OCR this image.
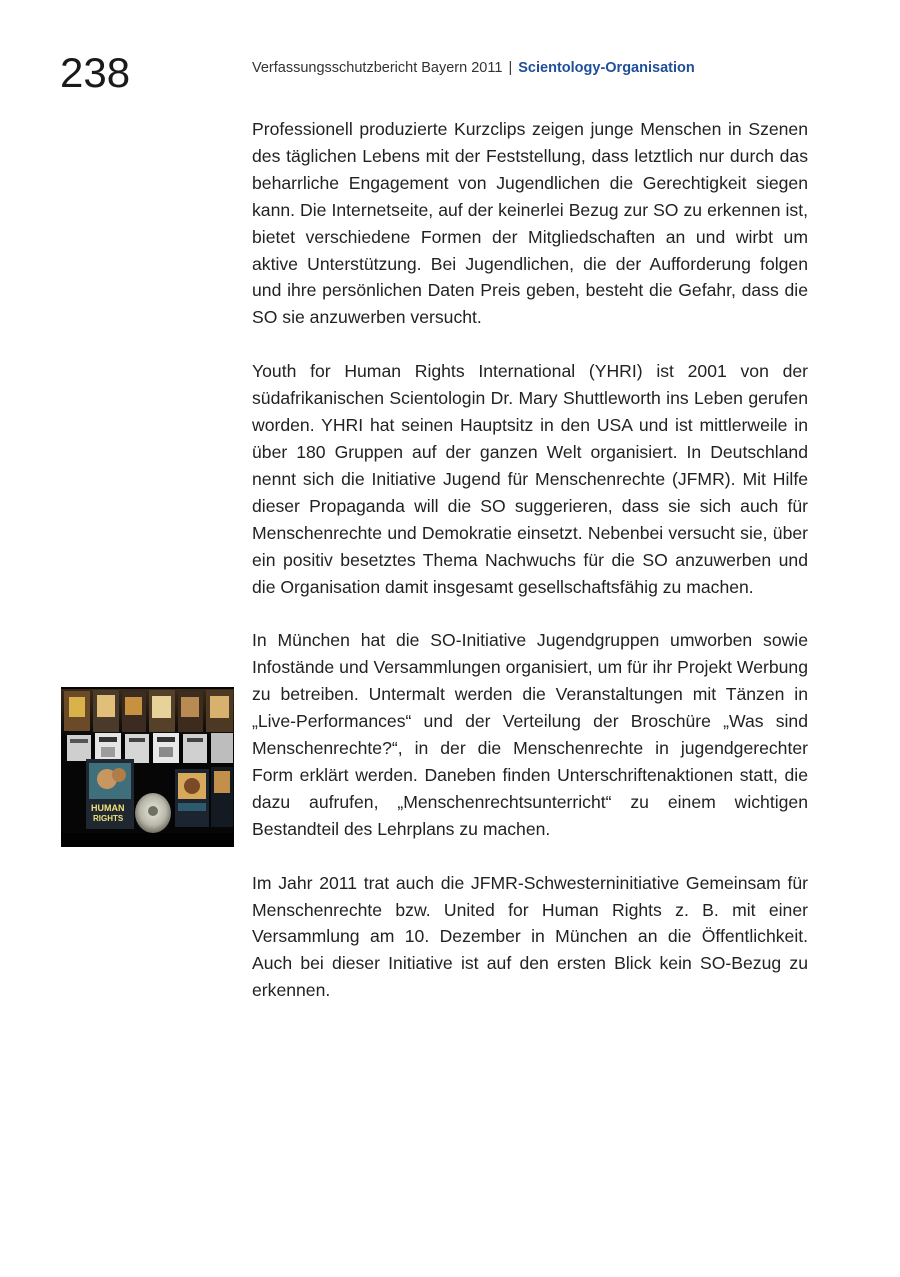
238	Verfassungsschutzbericht Bayern 2011 | Scientology-Organisation
HUMAN
RIGHTS

Professionell produzierte Kurzclips zeigen junge Menschen in Szenen des täglichen Lebens mit der Feststellung, dass letztlich nur durch das beharrliche Engagement von Jugendlichen die Gerechtigkeit siegen kann. Die Internetseite, auf der keinerlei Bezug zur SO zu erkennen ist, bietet verschiedene Formen der Mitgliedschaften an und wirbt um aktive Unterstützung. Bei Jugendlichen, die der Aufforderung folgen und ihre persönlichen Daten Preis geben, besteht die Gefahr, dass die SO sie anzuwerben versucht.

Youth for Human Rights International (YHRI) ist 2001 von der südafrikanischen Scientologin Dr. Mary Shuttleworth ins Leben gerufen worden. YHRI hat seinen Hauptsitz in den USA und ist mittlerweile in über 180 Gruppen auf der ganzen Welt organisiert. In Deutschland nennt sich die Initiative Jugend für Menschenrechte (JFMR). Mit Hilfe dieser Propaganda will die SO suggerieren, dass sie sich auch für Menschenrechte und Demokratie einsetzt. Nebenbei versucht sie, über ein positiv besetztes Thema Nachwuchs für die SO anzuwerben und die Organisation damit insgesamt gesellschaftsfähig zu machen.

In München hat die SO-Initiative Jugendgruppen umworben sowie Infostände und Versammlungen organisiert, um für ihr Projekt Werbung zu betreiben. Untermalt werden die Veranstaltungen mit Tänzen in „Live-Performances“ und der Verteilung der Broschüre „Was sind Menschenrechte?“, in der die Menschenrechte in jugendgerechter Form erklärt werden. Daneben finden Unterschriftenaktionen statt, die dazu aufrufen, „Menschenrechtsunterricht“ zu einem wichtigen Bestandteil des Lehrplans zu machen.

Im Jahr 2011 trat auch die JFMR-Schwesterninitiative Gemeinsam für Menschenrechte bzw. United for Human Rights z. B. mit einer Versammlung am 10. Dezember in München an die Öffentlichkeit. Auch bei dieser Initiative ist auf den ersten Blick kein SO-Bezug zu erkennen.
